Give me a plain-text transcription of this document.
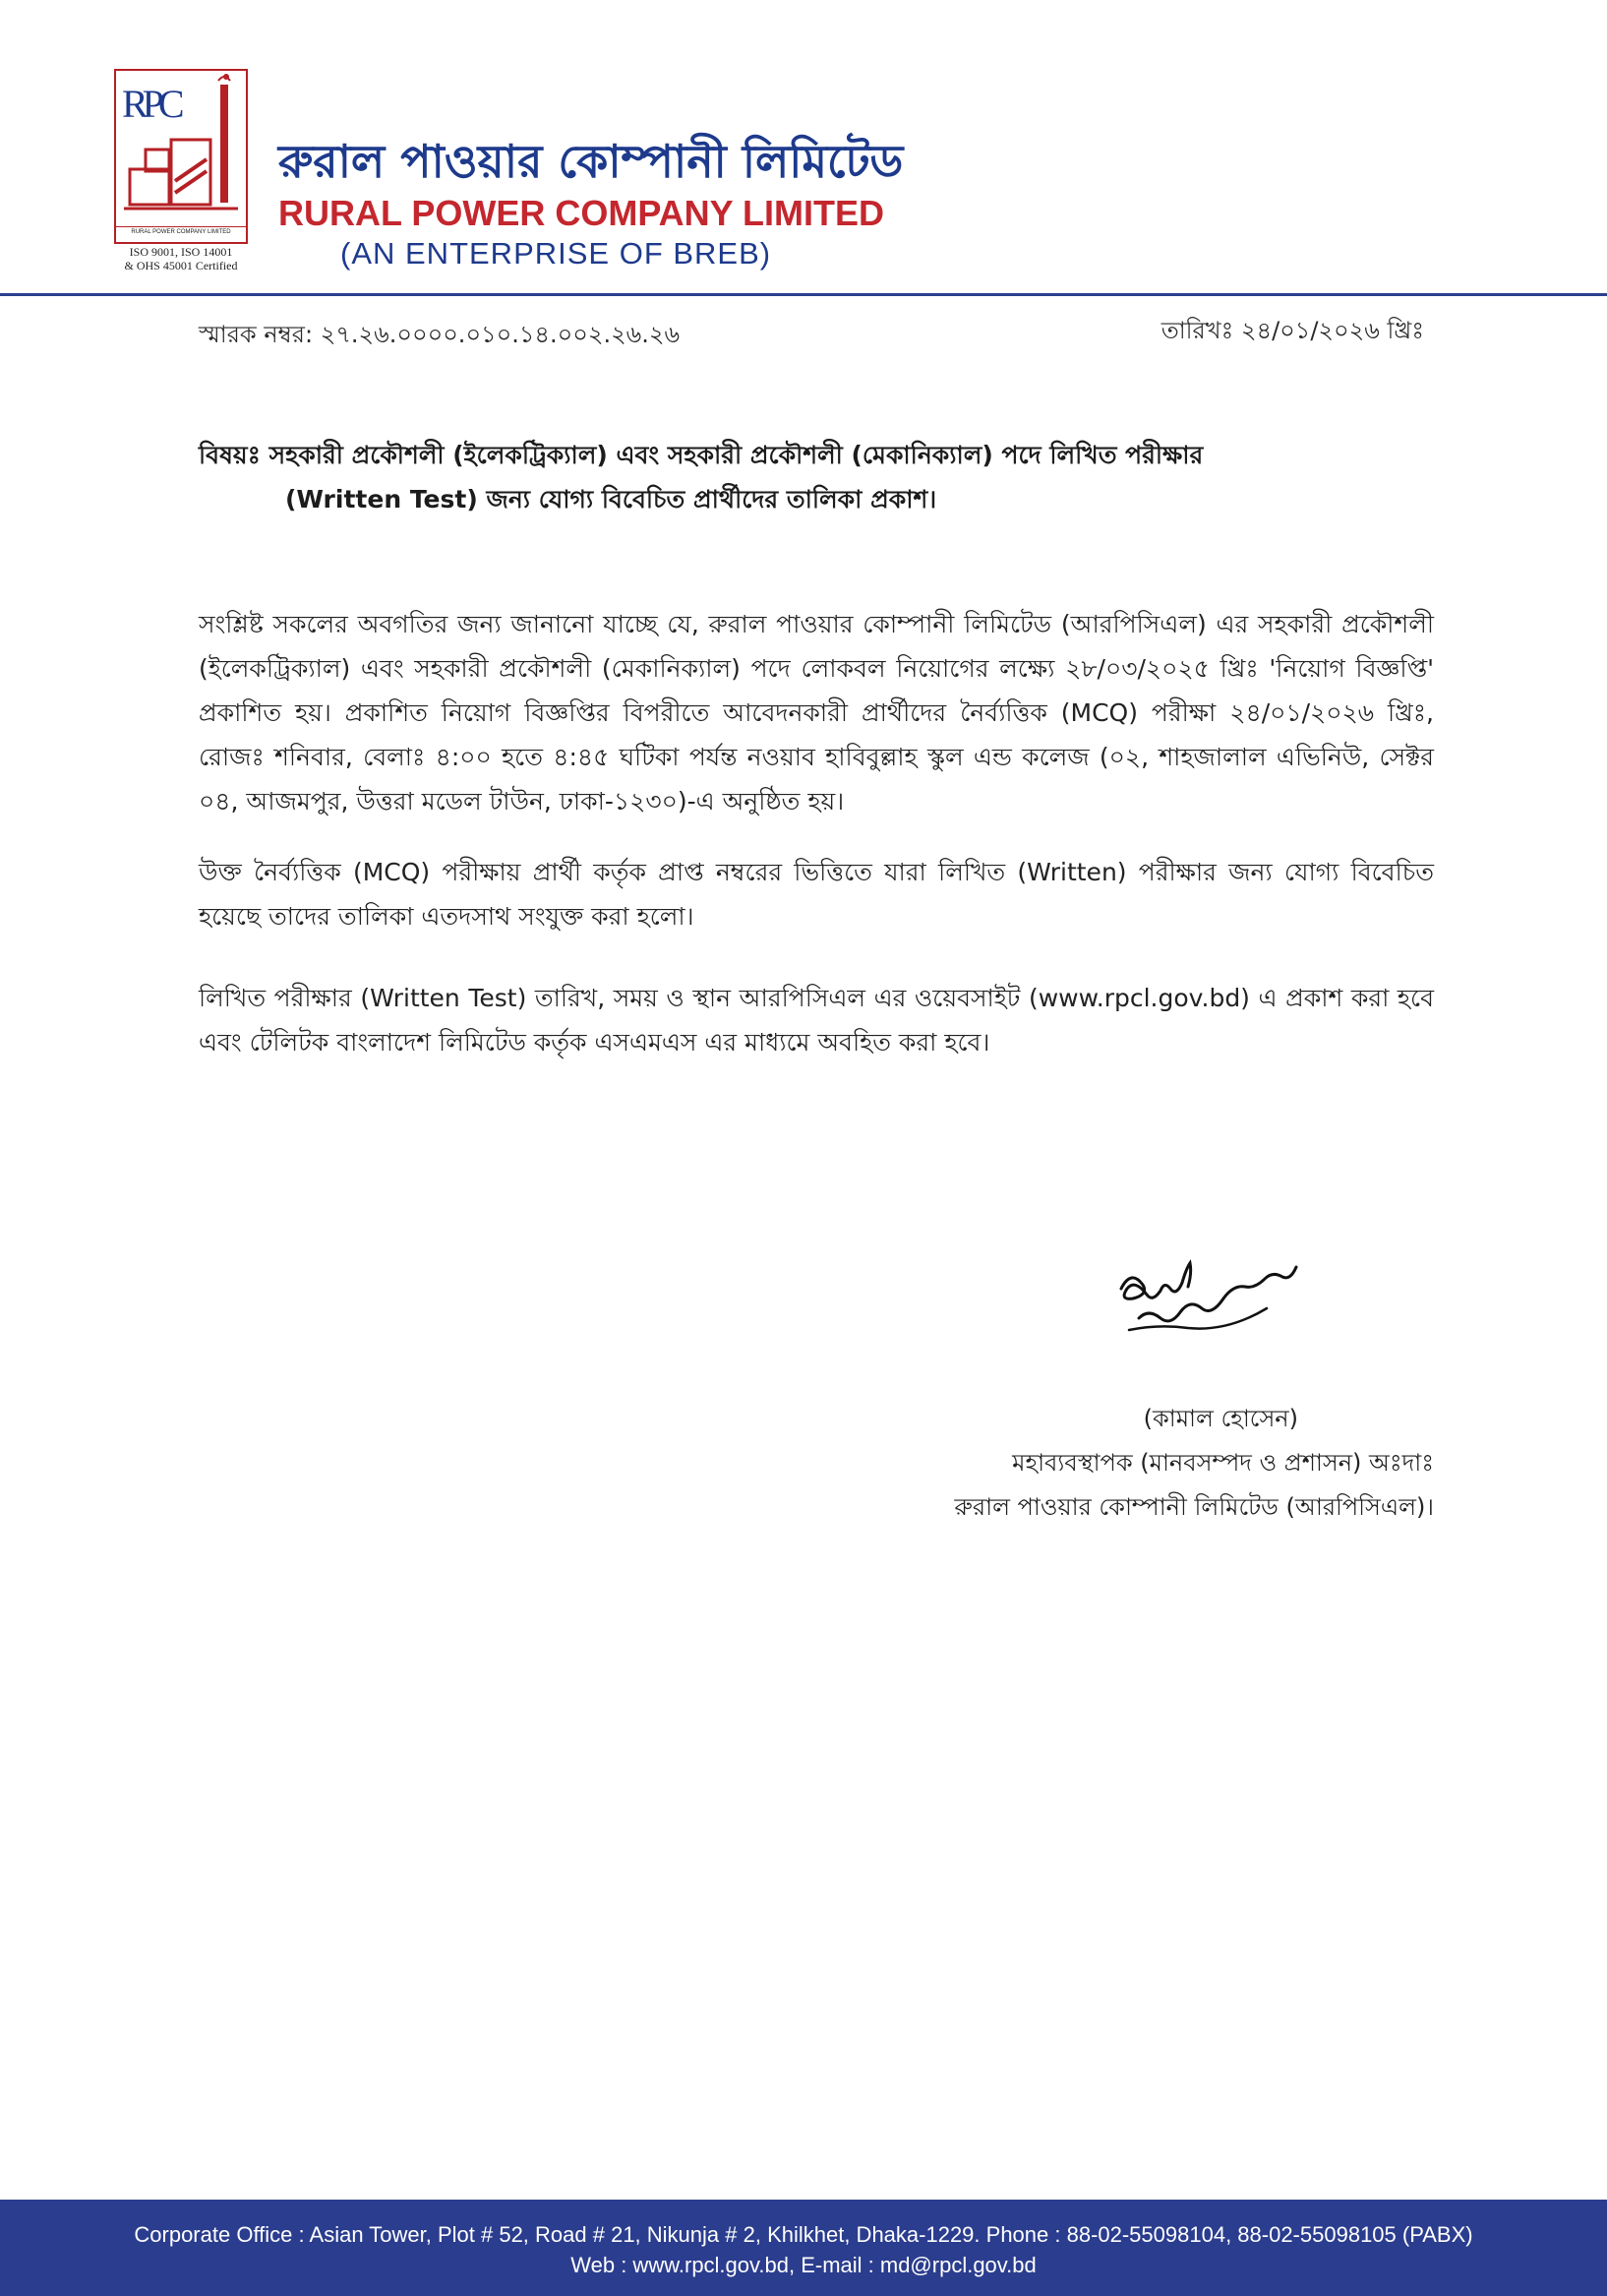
RPC
RURAL POWER COMPANY LIMITED
ISO 9001, ISO 14001
& OHS 45001 Certified
রুরাল পাওয়ার কোম্পানী লিমিটেড
RURAL POWER COMPANY LIMITED
(AN ENTERPRISE OF BREB)
স্মারক নম্বর: ২৭.২৬.০০০০.০১০.১৪.০০২.২৬.২৬	তারিখঃ ২৪/০১/২০২৬ খ্রিঃ
বিষয়ঃ সহকারী প্রকৌশলী (ইলেকট্রিক্যাল) এবং সহকারী প্রকৌশলী (মেকানিক্যাল) পদে লিখিত পরীক্ষার
(Written Test) জন্য যোগ্য বিবেচিত প্রার্থীদের তালিকা প্রকাশ।
সংশ্লিষ্ট সকলের অবগতির জন্য জানানো যাচ্ছে যে, রুরাল পাওয়ার কোম্পানী লিমিটেড (আরপিসিএল) এর সহকারী প্রকৌশলী (ইলেকট্রিক্যাল) এবং সহকারী প্রকৌশলী (মেকানিক্যাল) পদে লোকবল নিয়োগের লক্ষ্যে ২৮/০৩/২০২৫ খ্রিঃ 'নিয়োগ বিজ্ঞপ্তি' প্রকাশিত হয়। প্রকাশিত নিয়োগ বিজ্ঞপ্তির বিপরীতে আবেদনকারী প্রার্থীদের নৈর্ব্যত্তিক (MCQ) পরীক্ষা ২৪/০১/২০২৬ খ্রিঃ, রোজঃ শনিবার, বেলাঃ ৪:০০ হতে ৪:৪৫ ঘটিকা পর্যন্ত নওয়াব হাবিবুল্লাহ স্কুল এন্ড কলেজ (০২, শাহজালাল এভিনিউ, সেক্টর ০৪, আজমপুর, উত্তরা মডেল টাউন, ঢাকা-১২৩০)-এ অনুষ্ঠিত হয়।
উক্ত নৈর্ব্যত্তিক (MCQ) পরীক্ষায় প্রার্থী কর্তৃক প্রাপ্ত নম্বরের ভিত্তিতে যারা লিখিত (Written) পরীক্ষার জন্য যোগ্য বিবেচিত হয়েছে তাদের তালিকা এতদসাথ সংযুক্ত করা হলো।
লিখিত পরীক্ষার (Written Test) তারিখ, সময় ও স্থান আরপিসিএল এর ওয়েবসাইট (www.rpcl.gov.bd) এ প্রকাশ করা হবে এবং টেলিটক বাংলাদেশ লিমিটেড কর্তৃক এসএমএস এর মাধ্যমে অবহিত করা হবে।
(কামাল হোসেন)
মহাব্যবস্থাপক (মানবসম্পদ ও প্রশাসন) অঃদাঃ
রুরাল পাওয়ার কোম্পানী লিমিটেড (আরপিসিএল)।
Corporate Office : Asian Tower, Plot # 52, Road # 21, Nikunja # 2, Khilkhet, Dhaka-1229. Phone : 88-02-55098104, 88-02-55098105 (PABX)
Web : www.rpcl.gov.bd, E-mail : md@rpcl.gov.bd
